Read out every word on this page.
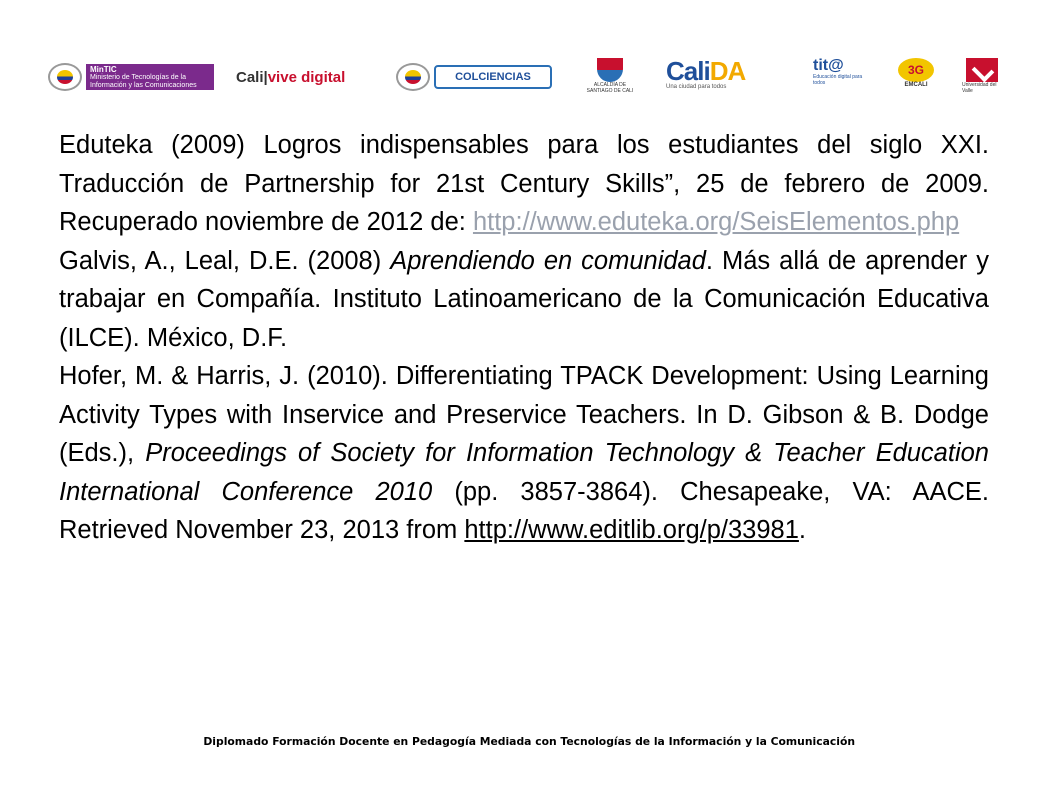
MinTIC
Ministerio de Tecnologías de la Información y las Comunicaciones	Cali | vive digital	COLCIENCIAS
ALCALDÍA DE SANTIAGO DE CALI
CaliDA
Una ciudad para todos
tit@
Educación digital para todos
3G
EMCALI	Universidad del Valle

Eduteka (2009) Logros indispensables para los estudiantes del siglo XXI. Traducción de Partnership for 21st Century Skills”, 25 de febrero de 2009. Recuperado noviembre de 2012 de: http://www.eduteka.org/SeisElementos.php

Galvis, A., Leal, D.E. (2008) Aprendiendo en comunidad. Más allá de aprender y trabajar en Compañía. Instituto Latinoamericano de la Comunicación Educativa (ILCE). México, D.F.

Hofer, M. & Harris, J. (2010). Differentiating TPACK Development: Using Learning Activity Types with Inservice and Preservice Teachers. In D. Gibson & B. Dodge (Eds.), Proceedings of Society for Information Technology & Teacher Education International Conference 2010 (pp. 3857-3864). Chesapeake, VA: AACE. Retrieved November 23, 2013 from http://www.editlib.org/p/33981.

Diplomado Formación Docente en Pedagogía Mediada con Tecnologías de la Información y la Comunicación
